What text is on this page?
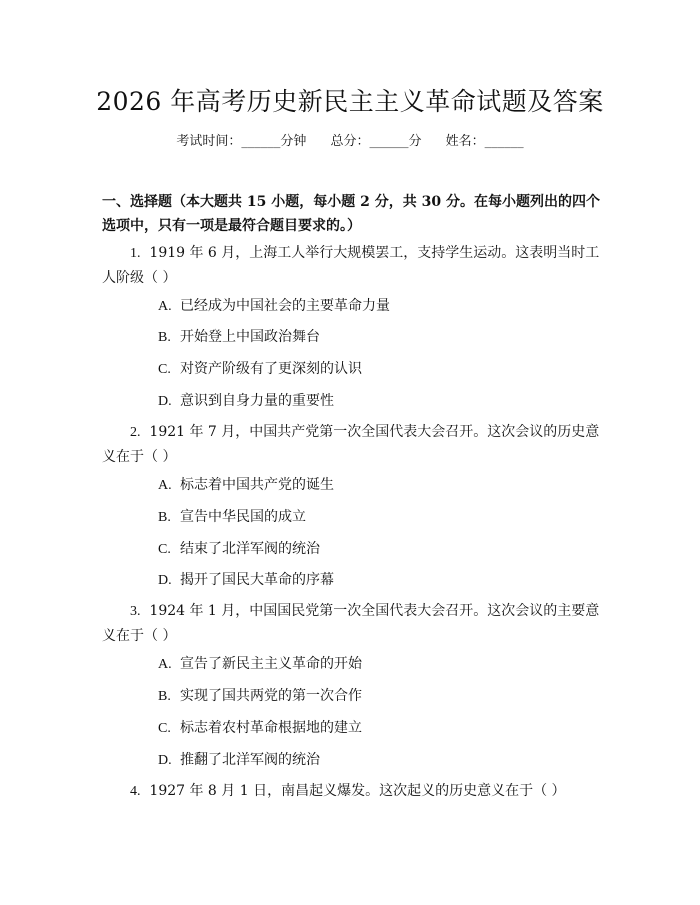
2026 年高考历史新民主主义革命试题及答案
考试时间：______分钟 总分：______分 姓名：______
一、选择题（本大题共 15 小题，每小题 2 分，共 30 分。在每小题列出的四个选项中，只有一项是最符合题目要求的。）
1. 1919 年 6 月，上海工人举行大规模罢工，支持学生运动。这表明当时工人阶级（ ）
A. 已经成为中国社会的主要革命力量
B. 开始登上中国政治舞台
C. 对资产阶级有了更深刻的认识
D. 意识到自身力量的重要性
2. 1921 年 7 月，中国共产党第一次全国代表大会召开。这次会议的历史意义在于（ ）
A. 标志着中国共产党的诞生
B. 宣告中华民国的成立
C. 结束了北洋军阀的统治
D. 揭开了国民大革命的序幕
3. 1924 年 1 月，中国国民党第一次全国代表大会召开。这次会议的主要意义在于（ ）
A. 宣告了新民主主义革命的开始
B. 实现了国共两党的第一次合作
C. 标志着农村革命根据地的建立
D. 推翻了北洋军阀的统治
4. 1927 年 8 月 1 日，南昌起义爆发。这次起义的历史意义在于（ ）
